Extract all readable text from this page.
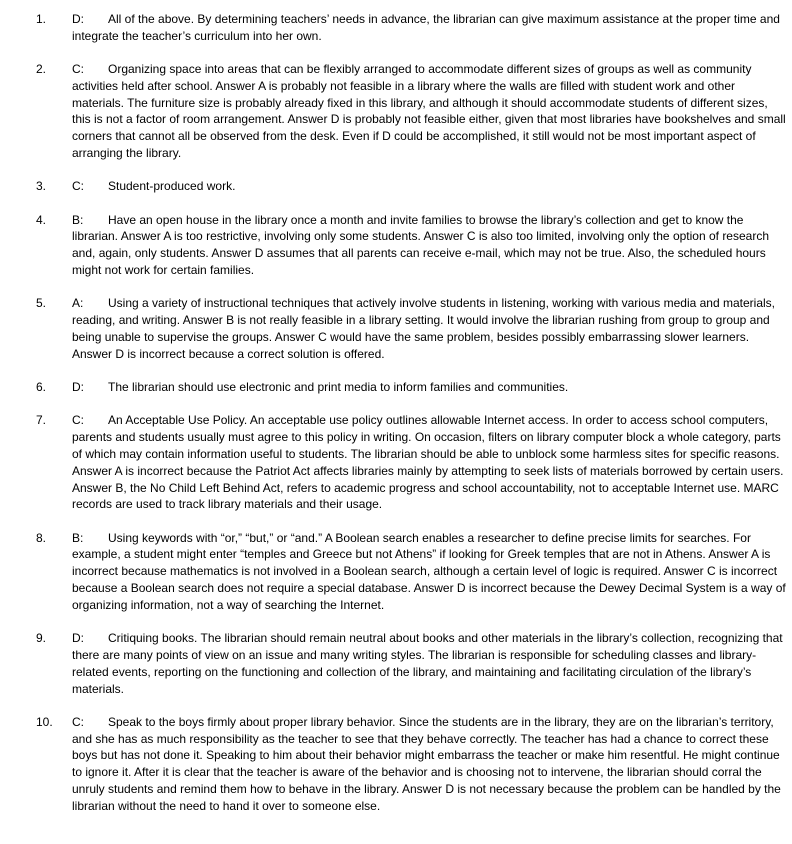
1. D: All of the above. By determining teachers’ needs in advance, the librarian can give maximum assistance at the proper time and integrate the teacher’s curriculum into her own.
2. C: Organizing space into areas that can be flexibly arranged to accommodate different sizes of groups as well as community activities held after school. Answer A is probably not feasible in a library where the walls are filled with student work and other materials. The furniture size is probably already fixed in this library, and although it should accommodate students of different sizes, this is not a factor of room arrangement. Answer D is probably not feasible either, given that most libraries have bookshelves and small corners that cannot all be observed from the desk. Even if D could be accomplished, it still would not be most important aspect of arranging the library.
3. C: Student-produced work.
4. B: Have an open house in the library once a month and invite families to browse the library’s collection and get to know the librarian. Answer A is too restrictive, involving only some students. Answer C is also too limited, involving only the option of research and, again, only students. Answer D assumes that all parents can receive e-mail, which may not be true. Also, the scheduled hours might not work for certain families.
5. A: Using a variety of instructional techniques that actively involve students in listening, working with various media and materials, reading, and writing. Answer B is not really feasible in a library setting. It would involve the librarian rushing from group to group and being unable to supervise the groups. Answer C would have the same problem, besides possibly embarrassing slower learners. Answer D is incorrect because a correct solution is offered.
6. D: The librarian should use electronic and print media to inform families and communities.
7. C: An Acceptable Use Policy. An acceptable use policy outlines allowable Internet access. In order to access school computers, parents and students usually must agree to this policy in writing. On occasion, filters on library computer block a whole category, parts of which may contain information useful to students. The librarian should be able to unblock some harmless sites for specific reasons. Answer A is incorrect because the Patriot Act affects libraries mainly by attempting to seek lists of materials borrowed by certain users. Answer B, the No Child Left Behind Act, refers to academic progress and school accountability, not to acceptable Internet use. MARC records are used to track library materials and their usage.
8. B: Using keywords with “or,” “but,” or “and.” A Boolean search enables a researcher to define precise limits for searches. For example, a student might enter “temples and Greece but not Athens” if looking for Greek temples that are not in Athens. Answer A is incorrect because mathematics is not involved in a Boolean search, although a certain level of logic is required. Answer C is incorrect because a Boolean search does not require a special database. Answer D is incorrect because the Dewey Decimal System is a way of organizing information, not a way of searching the Internet.
9. D: Critiquing books. The librarian should remain neutral about books and other materials in the library’s collection, recognizing that there are many points of view on an issue and many writing styles. The librarian is responsible for scheduling classes and library-related events, reporting on the functioning and collection of the library, and maintaining and facilitating circulation of the library’s materials.
10. C: Speak to the boys firmly about proper library behavior. Since the students are in the library, they are on the librarian’s territory, and she has as much responsibility as the teacher to see that they behave correctly. The teacher has had a chance to correct these boys but has not done it. Speaking to him about their behavior might embarrass the teacher or make him resentful. He might continue to ignore it. After it is clear that the teacher is aware of the behavior and is choosing not to intervene, the librarian should corral the unruly students and remind them how to behave in the library. Answer D is not necessary because the problem can be handled by the librarian without the need to hand it over to someone else.
